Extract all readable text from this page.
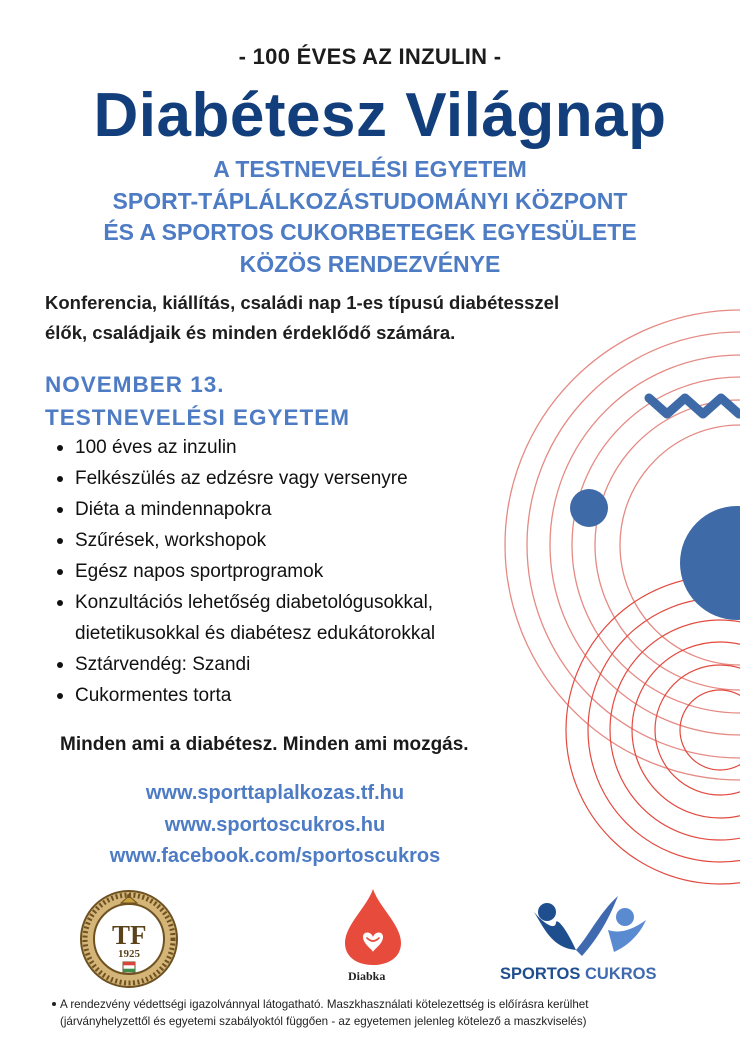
- 100 ÉVES AZ INZULIN -
Diabétesz Világnap
A TESTNEVELÉSI EGYETEM
SPORT-TÁPLÁLKOZÁSTUDOMÁNYI KÖZPONT
ÉS A SPORTOS CUKORBETEGEK EGYESÜLETE
KÖZÖS RENDEZVÉNYE
Konferencia, kiállítás, családi nap 1-es típusú diabétesszel
élők, családjaik és minden érdeklődő számára.
NOVEMBER 13.
TESTNEVELÉSI EGYETEM
100 éves az inzulin
Felkészülés az edzésre vagy versenyre
Diéta a mindennapokra
Szűrések, workshopok
Egész napos sportprogramok
Konzultációs lehetőség diabetológusokkal,
dietetikusokkal és diabétesz edukátorokkal
Sztárvendég: Szandi
Cukormentes torta
Minden ami a diabétesz. Minden ami mozgás.
www.sporttaplalkozas.tf.hu
www.sportoscukros.hu
www.facebook.com/sportoscukros
TF
1925
Diabka	SPORTOS CUKROS
A rendezvény védettségi igazolvánnyal látogatható. Maszkhasználati kötelezettség is előírásra kerülhet
(járványhelyzettől és egyetemi szabályoktól függően - az egyetemen jelenleg kötelező a maszkviselés)
